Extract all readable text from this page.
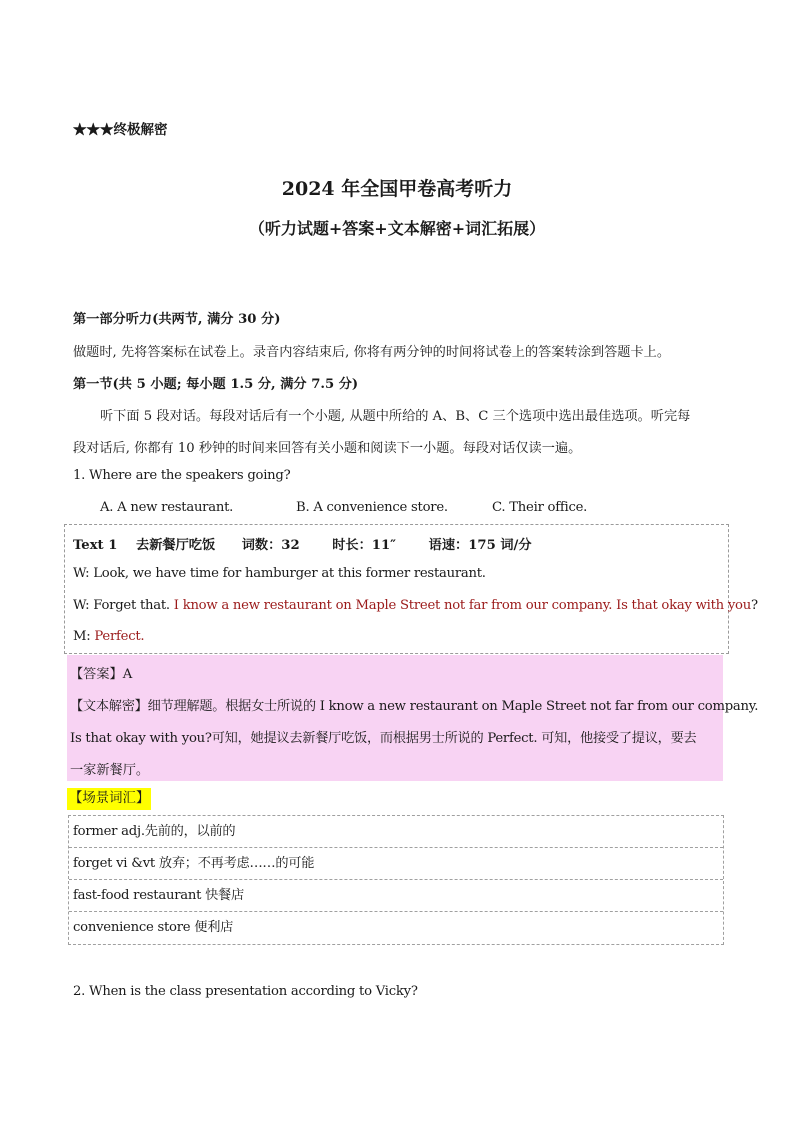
★★★终极解密
2024 年全国甲卷高考听力
（听力试题+答案+文本解密+词汇拓展）
第一部分听力(共两节, 满分 30 分)
做题时, 先将答案标在试卷上。录音内容结束后, 你将有两分钟的时间将试卷上的答案转涂到答题卡上。
第一节(共 5 小题; 每小题 1.5 分, 满分 7.5 分)
听下面 5 段对话。每段对话后有一个小题, 从题中所给的 A、B、C 三个选项中选出最佳选项。听完每
段对话后, 你都有 10 秒钟的时间来回答有关小题和阅读下一小题。每段对话仅读一遍。
1. Where are the speakers going?
A. A new restaurant.	B. A convenience store.	C. Their office.
Text 1 去新餐厅吃饭 词数：32 时长：11″ 语速：175 词/分
W: Look, we have time for hamburger at this former restaurant.
W: Forget that. I know a new restaurant on Maple Street not far from our company. Is that okay with you?
M: Perfect.
【答案】A
【文本解密】细节理解题。根据女士所说的 I know a new restaurant on Maple Street not far from our company.
Is that okay with you?可知，她提议去新餐厅吃饭，而根据男士所说的 Perfect. 可知，他接受了提议，要去
一家新餐厅。
【场景词汇】
former adj.先前的，以前的
forget vi &vt 放弃；不再考虑……的可能
fast-food restaurant 快餐店
convenience store 便利店
2. When is the class presentation according to Vicky?
